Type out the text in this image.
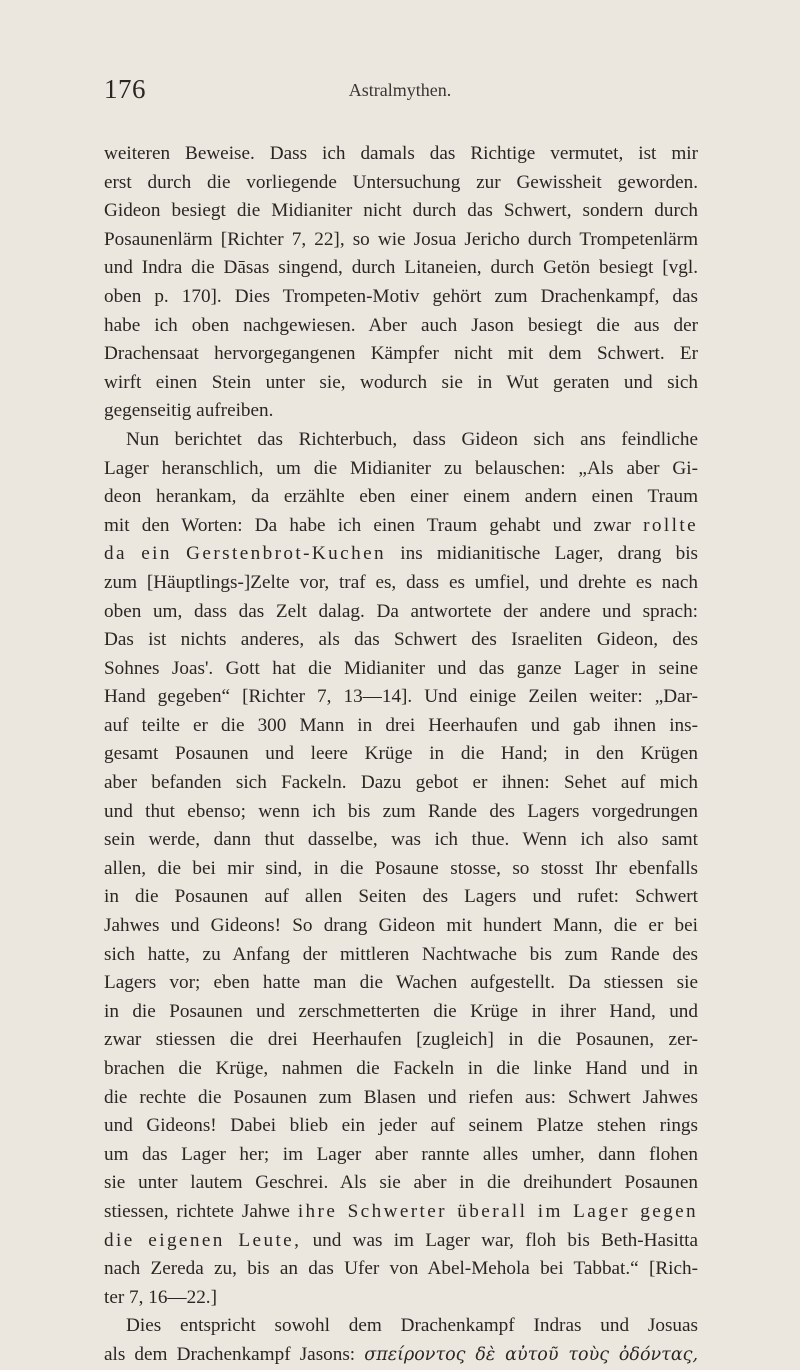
176	Astralmythen.
weiteren Beweise. Dass ich damals das Richtige vermutet, ist mir
erst durch die vorliegende Untersuchung zur Gewissheit geworden.
Gideon besiegt die Midianiter nicht durch das Schwert, sondern durch
Posaunenlärm [Richter 7, 22], so wie Josua Jericho durch Trompetenlärm
und Indra die Dāsas singend, durch Litaneien, durch Getön besiegt [vgl.
oben p. 170]. Dies Trompeten-Motiv gehört zum Drachenkampf, das
habe ich oben nachgewiesen. Aber auch Jason besiegt die aus der
Drachensaat hervorgegangenen Kämpfer nicht mit dem Schwert. Er
wirft einen Stein unter sie, wodurch sie in Wut geraten und sich
gegenseitig aufreiben.
Nun berichtet das Richterbuch, dass Gideon sich ans feindliche
Lager heranschlich, um die Midianiter zu belauschen: „Als aber Gi-
deon herankam, da erzählte eben einer einem andern einen Traum
mit den Worten: Da habe ich einen Traum gehabt und zwar rollte
da ein Gerstenbrot-Kuchen ins midianitische Lager, drang bis
zum [Häuptlings-]Zelte vor, traf es, dass es umfiel, und drehte es nach
oben um, dass das Zelt dalag. Da antwortete der andere und sprach:
Das ist nichts anderes, als das Schwert des Israeliten Gideon, des
Sohnes Joas'. Gott hat die Midianiter und das ganze Lager in seine
Hand gegeben“ [Richter 7, 13—14]. Und einige Zeilen weiter: „Dar-
auf teilte er die 300 Mann in drei Heerhaufen und gab ihnen ins-
gesamt Posaunen und leere Krüge in die Hand; in den Krügen
aber befanden sich Fackeln. Dazu gebot er ihnen: Sehet auf mich
und thut ebenso; wenn ich bis zum Rande des Lagers vorgedrungen
sein werde, dann thut dasselbe, was ich thue. Wenn ich also samt
allen, die bei mir sind, in die Posaune stosse, so stosst Ihr ebenfalls
in die Posaunen auf allen Seiten des Lagers und rufet: Schwert
Jahwes und Gideons! So drang Gideon mit hundert Mann, die er bei
sich hatte, zu Anfang der mittleren Nachtwache bis zum Rande des
Lagers vor; eben hatte man die Wachen aufgestellt. Da stiessen sie
in die Posaunen und zerschmetterten die Krüge in ihrer Hand, und
zwar stiessen die drei Heerhaufen [zugleich] in die Posaunen, zer-
brachen die Krüge, nahmen die Fackeln in die linke Hand und in
die rechte die Posaunen zum Blasen und riefen aus: Schwert Jahwes
und Gideons! Dabei blieb ein jeder auf seinem Platze stehen rings
um das Lager her; im Lager aber rannte alles umher, dann flohen
sie unter lautem Geschrei. Als sie aber in die dreihundert Posaunen
stiessen, richtete Jahwe ihre Schwerter überall im Lager gegen
die eigenen Leute, und was im Lager war, floh bis Beth-Hasitta
nach Zereda zu, bis an das Ufer von Abel-Mehola bei Tabbat.“ [Rich-
ter 7, 16—22.]
Dies entspricht sowohl dem Drachenkampf Indras und Josuas
als dem Drachenkampf Jasons: σπείροντος δὲ αὐτοῦ τοὺς ὀδόντας,
